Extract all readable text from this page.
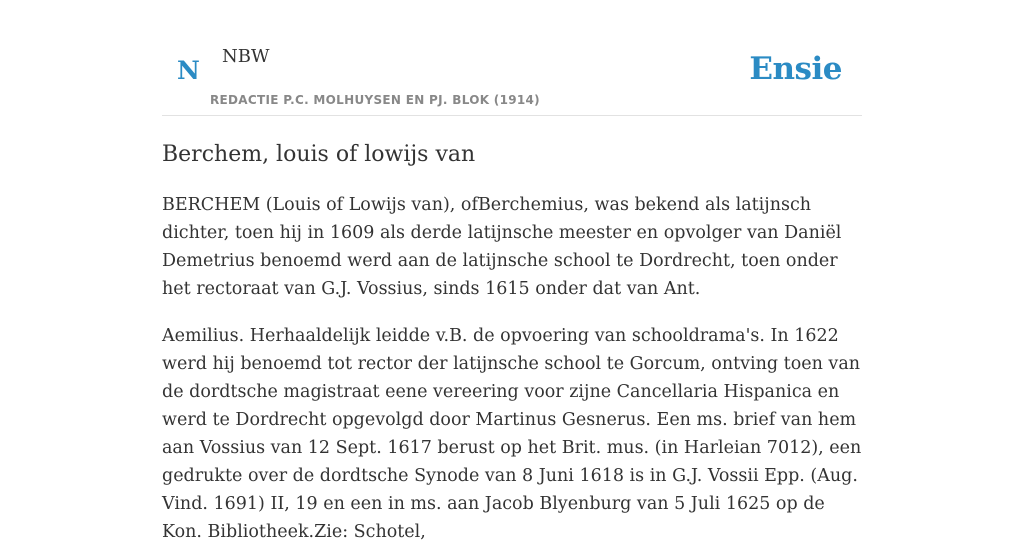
N NBW
REDACTIE P.C. MOLHUYSEN EN PJ. BLOK (1914)
Ensie
Berchem, louis of lowijs van

BERCHEM (Louis of Lowijs van), ofBerchemius, was bekend als latijnsch dichter, toen hij in 1609 als derde latijnsche meester en opvolger van Daniël Demetrius benoemd werd aan de latijnsche school te Dordrecht, toen onder het rectoraat van G.J. Vossius, sinds 1615 onder dat van Ant.

Aemilius. Herhaaldelijk leidde v.B. de opvoering van schooldrama's. In 1622 werd hij benoemd tot rector der latijnsche school te Gorcum, ontving toen van de dordtsche magistraat eene vereering voor zijne Cancellaria Hispanica en werd te Dordrecht opgevolgd door Martinus Gesnerus. Een ms. brief van hem aan Vossius van 12 Sept. 1617 berust op het Brit. mus. (in Harleian 7012), een gedrukte over de dordtsche Synode van 8 Juni 1618 is in G.J. Vossii Epp. (Aug. Vind. 1691) II, 19 en een in ms. aan Jacob Blyenburg van 5 Juli 1625 op de Kon. Bibliotheek.Zie: Schotel,
